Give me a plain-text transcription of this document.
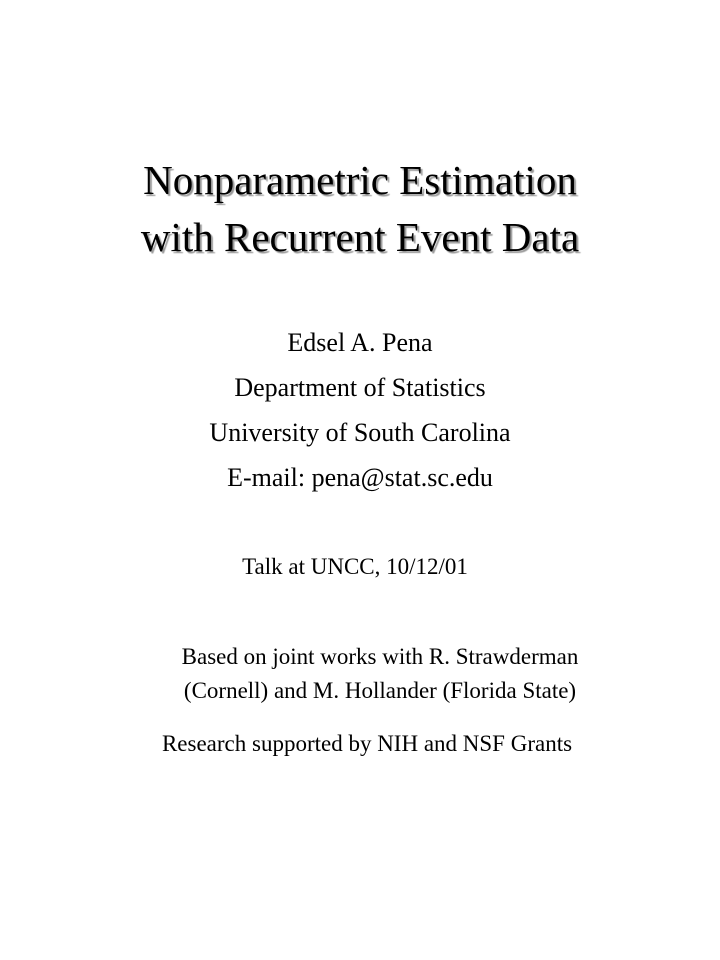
Nonparametric Estimation
with Recurrent Event Data
Edsel A. Pena
Department of Statistics
University of South Carolina
E-mail: pena@stat.sc.edu
Talk at UNCC, 10/12/01
Based on joint works with R. Strawderman
(Cornell) and M. Hollander (Florida State)
Research supported by NIH and NSF Grants
